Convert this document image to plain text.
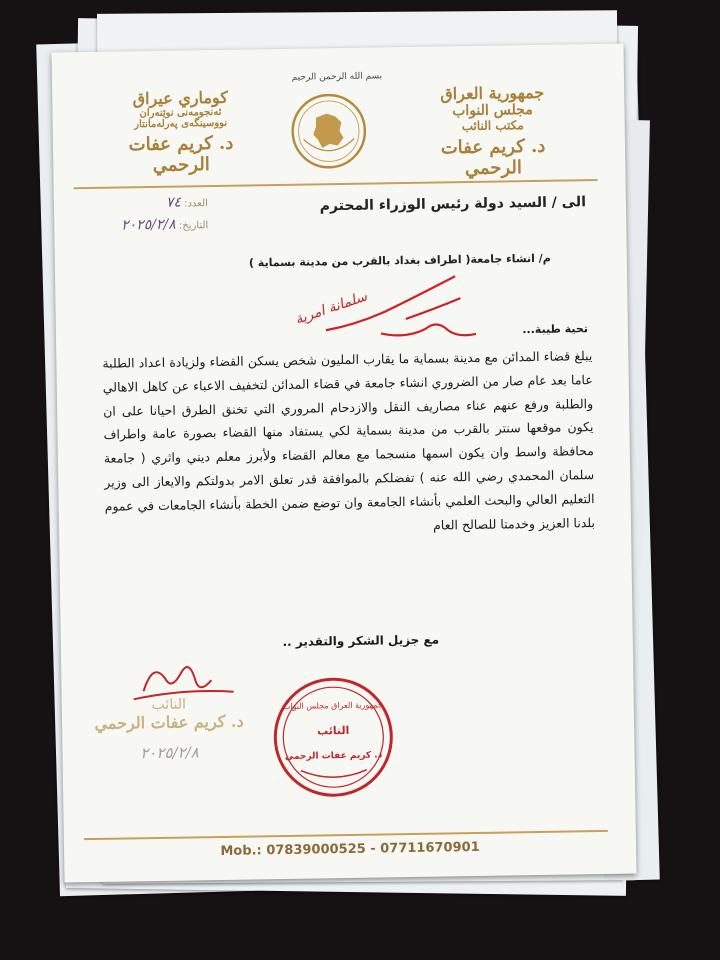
جمهورية العراق
مجلس النواب
مكتب النائب
د. كريم عفات الرحمي
بسم الله الرحمن الرحيم
كوماري عيراق
ئەنجومەنی نوێنەران
نووسینگەی پەرلەمانتار
د. كريم عفات الرحمي
العدد: ٧٤
التاريخ: ٢٠٢٥/٢/٨
الى / السيد دولة رئيس الوزراء المحترم
م/ انشاء جامعة( اطراف بغداد بالقرب من مدينة بسماية )
سلمانة امرية
تحية طيبة...
يبلغ قضاء المدائن مع مدينة بسماية ما يقارب المليون شخص يسكن القضاء ولزيادة اعداد الطلبة عاما بعد عام صار من الضروري انشاء جامعة في قضاء المدائن لتخفيف الاعباء عن كاهل الاهالي والطلبة ورفع عنهم عناء مصاريف النقل والازدحام المروري التي تخنق الطرق احيانا على ان يكون موقعها سنتر بالقرب من مدينة بسماية لكي يستفاد منها القضاء بصورة عامة واطراف محافظة واسط وان يكون اسمها منسجما مع معالم القضاء ولأبرز معلم ديني واثري ( جامعة سلمان المحمدي رضي الله عنه ) تفضلكم بالموافقة قدر تعلق الامر بدولتكم والايعاز الى وزير التعليم العالي والبحث العلمي بأنشاء الجامعة وان توضع ضمن الخطة بأنشاء الجامعات في عموم بلدنا العزيز وخدمتا للصالح العام
مع جزيل الشكر والتقدير ..
النائب
د. كريم عفات الرحمي
٢٠٢٥/٢/٨
جمهورية العراق مجلس النواب
النائب
د. كريم عفات الرحمي
Mob.: 07839000525 - 07711670901
